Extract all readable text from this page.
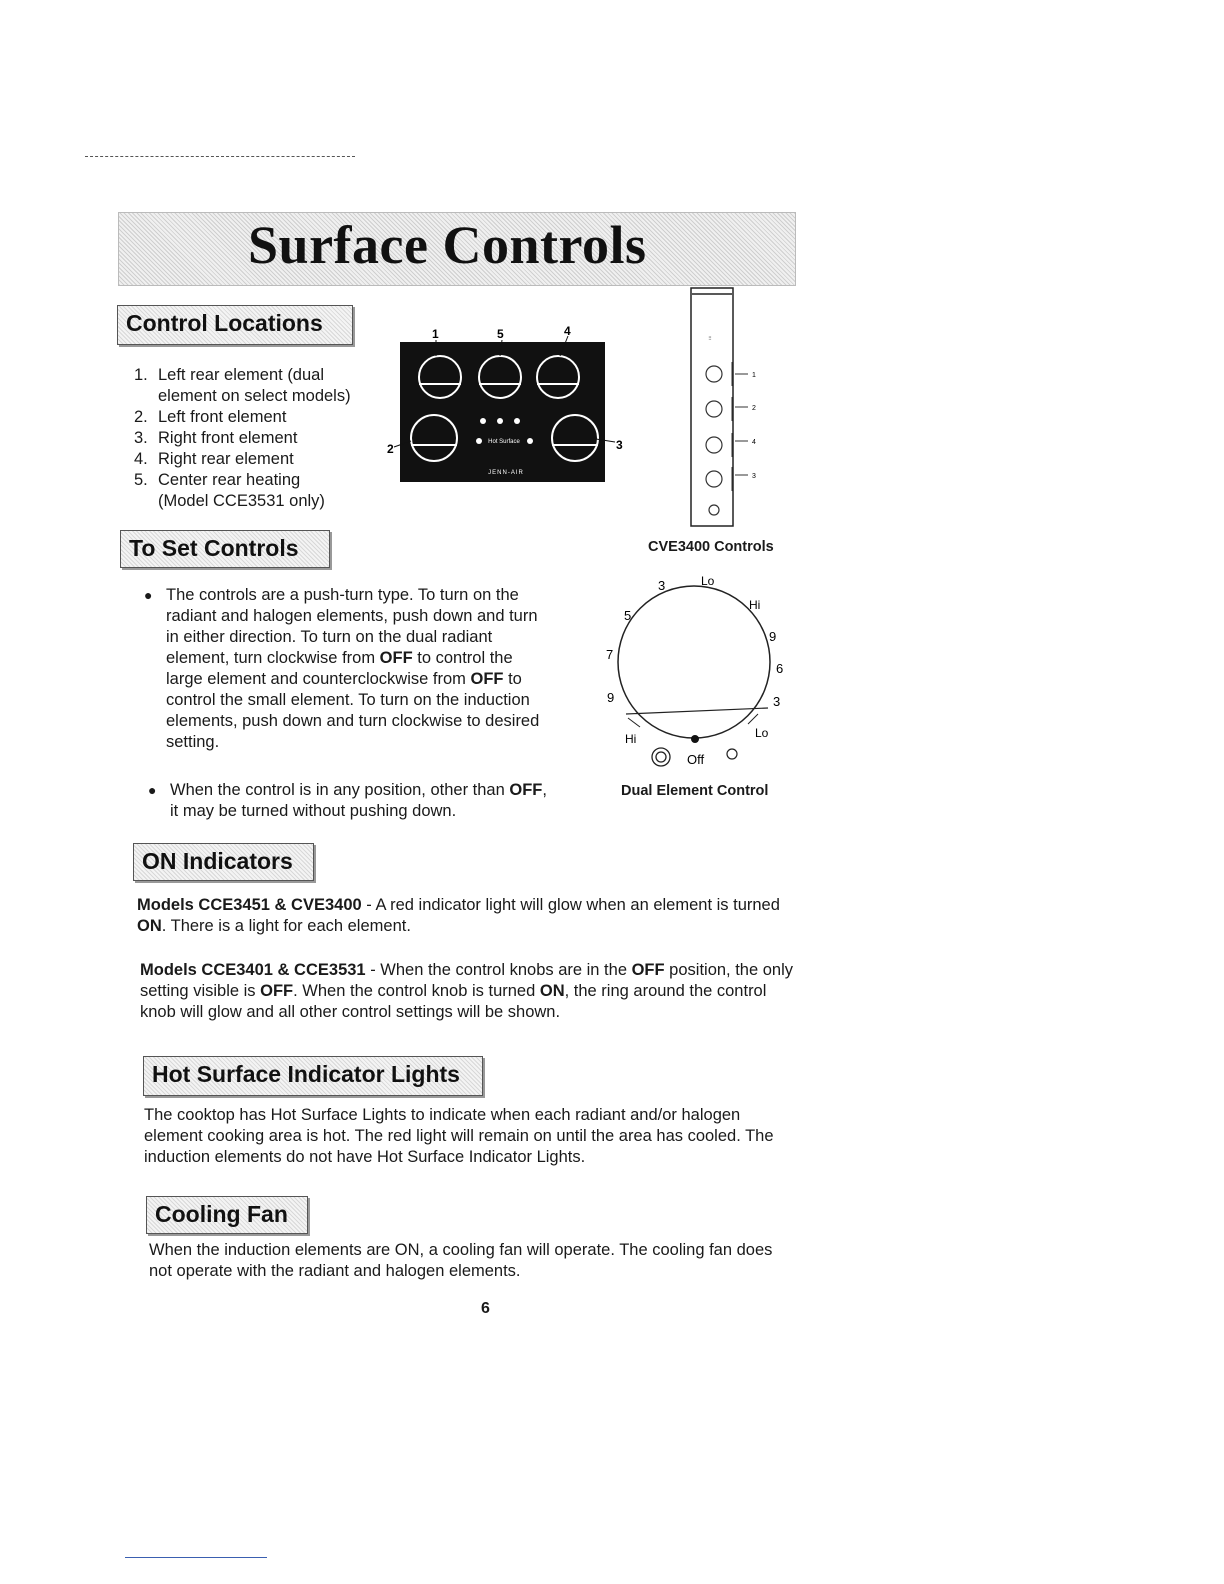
Surface Controls
Control Locations
1. Left rear element (dual
element on select models)
2. Left front element
3. Right front element
4. Right rear element
5. Center rear heating
(Model CCE3531 only)
Hot Surface
JENN-AIR
1	5	4
2	3
⁝⁝
1
2
4
3
CVE3400 Controls
To Set Controls
● The controls are a push-turn type. To turn on the
radiant and halogen elements, push down and turn
in either direction. To turn on the dual radiant
element, turn clockwise from OFF to control the
large element and counterclockwise from OFF to
control the small element. To turn on the induction
elements, push down and turn clockwise to desired
setting.
● When the control is in any position, other than OFF,
it may be turned without pushing down.
3	Lo
Hi
5
9
7
6
9	3
Hi	Lo
Off
Dual Element Control
ON Indicators
Models CCE3451 & CVE3400 - A red indicator light will glow when an element is turned
ON. There is a light for each element.
Models CCE3401 & CCE3531 - When the control knobs are in the OFF position, the only
setting visible is OFF. When the control knob is turned ON, the ring around the control
knob will glow and all other control settings will be shown.
Hot Surface Indicator Lights
The cooktop has Hot Surface Lights to indicate when each radiant and/or halogen
element cooking area is hot. The red light will remain on until the area has cooled. The
induction elements do not have Hot Surface Indicator Lights.
Cooling Fan
When the induction elements are ON, a cooling fan will operate. The cooling fan does
not operate with the radiant and halogen elements.
6
